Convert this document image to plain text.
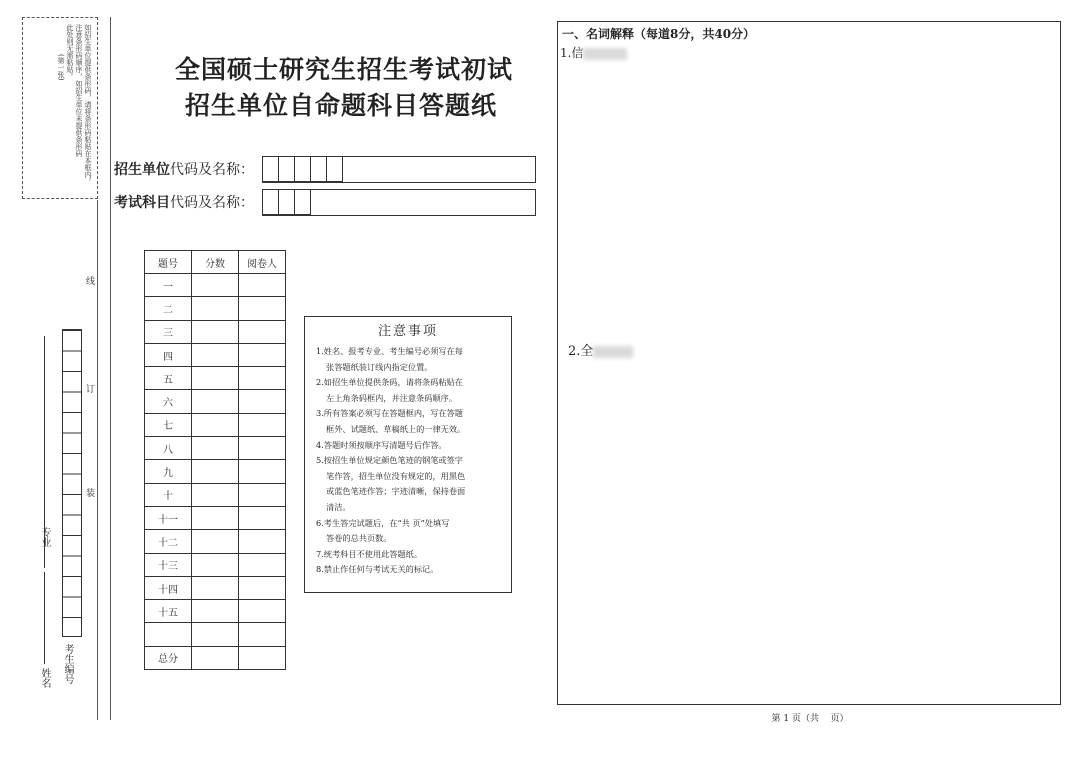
如招生单位提供条形码，请将条形码粘贴在本框内。
注意条形码顺序，如招生单位未提供条形码
此处则无需粘贴。
(第一张)
线
订
装
专业
姓名 考生编号
全国硕士研究生招生考试初试
招生单位自命题科目答题纸
招生单位代码及名称：
考试科目代码及名称：
题号	分数	阅卷人
一		
二		
三		
四		
五		
六		
七		
八		
九		
十		
十一		
十二		
十三		
十四		
十五		

总分		
注意事项
1.姓名、报考专业、考生编号必须写在每
张答题纸装订线内指定位置。
2.如招生单位提供条码，请将条码粘贴在
左上角条码框内，并注意条码顺序。
3.所有答案必须写在答题框内，写在答题
框外、试题纸、草稿纸上的一律无效。
4.答题时须按顺序写清题号后作答。
5.按招生单位规定颜色笔迹的钢笔或签字
笔作答，招生单位没有规定的，用黑色
或蓝色笔迹作答；字迹清晰，保持卷面
清洁。
6.考生答完试题后，在“共 页”处填写
答卷的总共页数。
7.统考科目不使用此答题纸。
8.禁止作任何与考试无关的标记。
一、名词解释（每道8分，共40分）
1.信
2.全
第 1 页（共    页）
